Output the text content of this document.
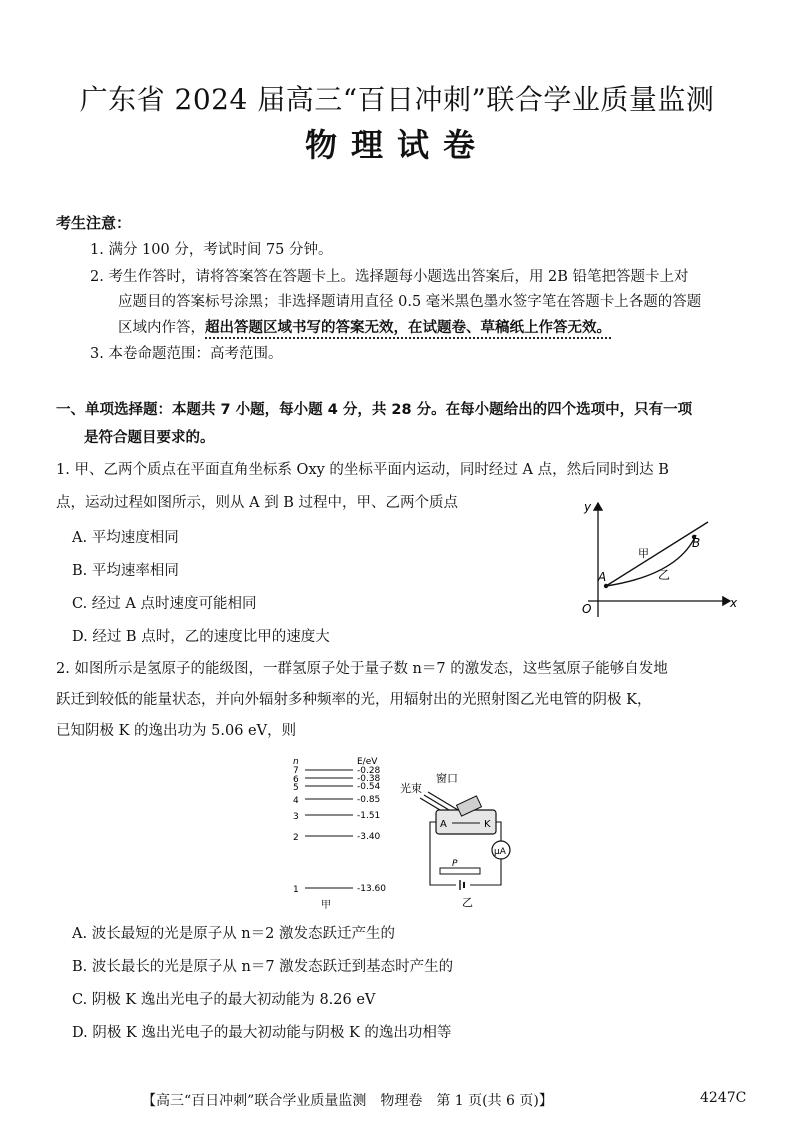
广东省 2024 届高三“百日冲刺”联合学业质量监测
物理试卷
考生注意：
1. 满分 100 分，考试时间 75 分钟。
2. 考生作答时，请将答案答在答题卡上。选择题每小题选出答案后，用 2B 铅笔把答题卡上对
应题目的答案标号涂黑；非选择题请用直径 0.5 毫米黑色墨水签字笔在答题卡上各题的答题
区域内作答，超出答题区域书写的答案无效，在试题卷、草稿纸上作答无效。
3. 本卷命题范围：高考范围。
一、单项选择题：本题共 7 小题，每小题 4 分，共 28 分。在每小题给出的四个选项中，只有一项
是符合题目要求的。
1. 甲、乙两个质点在平面直角坐标系 Oxy 的坐标平面内运动，同时经过 A 点，然后同时到达 B
点，运动过程如图所示，则从 A 到 B 过程中，甲、乙两个质点
A. 平均速度相同
B. 平均速率相同
C. 经过 A 点时速度可能相同
D. 经过 B 点时，乙的速度比甲的速度大
y
x
O
A
B
甲
乙
2. 如图所示是氢原子的能级图，一群氢原子处于量子数 n＝7 的激发态，这些氢原子能够自发地
跃迁到较低的能量状态，并向外辐射多种频率的光，用辐射出的光照射图乙光电管的阴极 K，
已知阴极 K 的逸出功为 5.06 eV，则
n	E/eV
7	-0.28
6	-0.38
5	-0.54
4	-0.85
3	-1.51
2	-3.40
1	-13.60
甲
光束
窗口
A	K
μA
P
乙
A. 波长最短的光是原子从 n＝2 激发态跃迁产生的
B. 波长最长的光是原子从 n＝7 激发态跃迁到基态时产生的
C. 阴极 K 逸出光电子的最大初动能为 8.26 eV
D. 阴极 K 逸出光电子的最大初动能与阴极 K 的逸出功相等
【高三“百日冲刺”联合学业质量监测　物理卷　第 1 页(共 6 页)】	4247C
